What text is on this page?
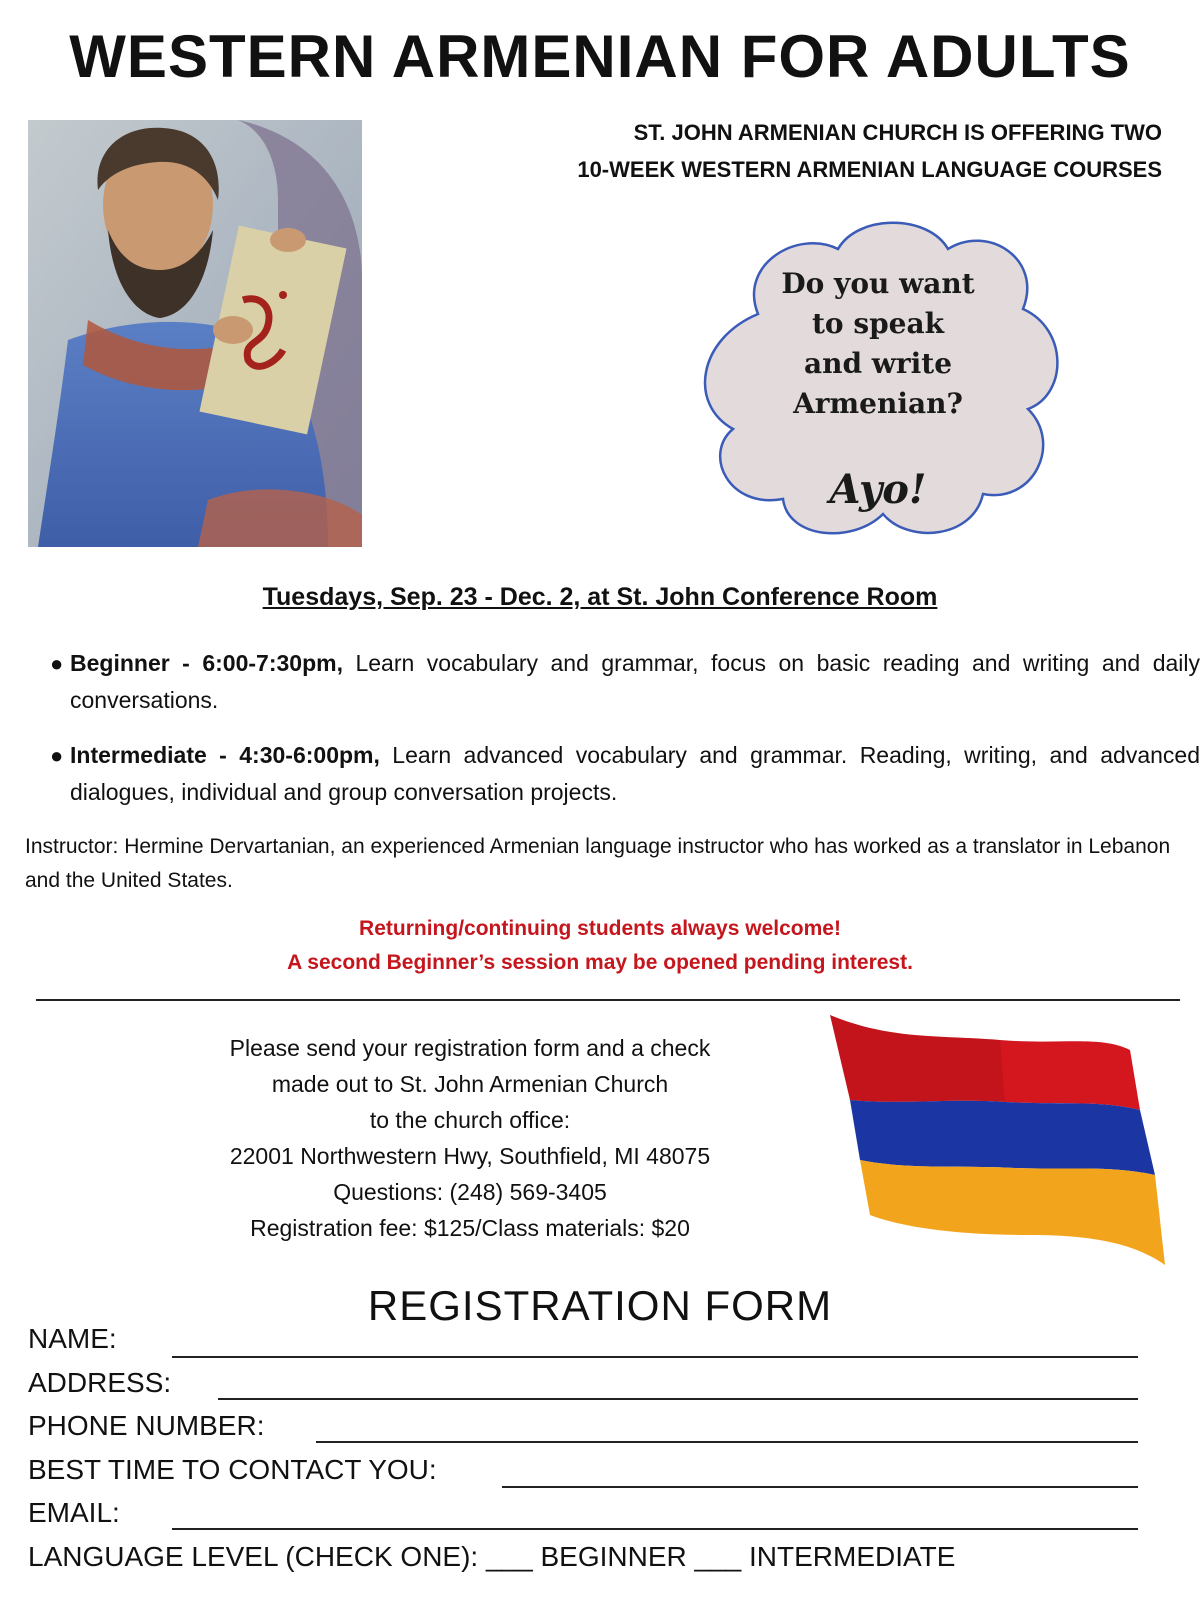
WESTERN ARMENIAN FOR ADULTS
ST. JOHN ARMENIAN CHURCH IS OFFERING TWO
10-WEEK WESTERN ARMENIAN LANGUAGE COURSES
Do you want
to speak
and write
Armenian?
Ayo!
Tuesdays, Sep. 23 - Dec. 2, at St. John Conference Room
● Beginner - 6:00-7:30pm, Learn vocabulary and grammar, focus on basic reading and writing and daily conversations.
● Intermediate - 4:30-6:00pm, Learn advanced vocabulary and grammar. Reading, writing, and advanced dialogues, individual and group conversation projects.
Instructor: Hermine Dervartanian, an experienced Armenian language instructor who has worked as a translator in Lebanon and the United States.
Returning/continuing students always welcome!
A second Beginner’s session may be opened pending interest.
Please send your registration form and a check
made out to St. John Armenian Church
to the church office:
22001 Northwestern Hwy, Southfield, MI 48075
Questions: (248) 569-3405
Registration fee: $125/Class materials: $20
REGISTRATION FORM
NAME:
ADDRESS:
PHONE NUMBER:
BEST TIME TO CONTACT YOU:
EMAIL:
LANGUAGE LEVEL (CHECK ONE): ___ BEGINNER ___ INTERMEDIATE
